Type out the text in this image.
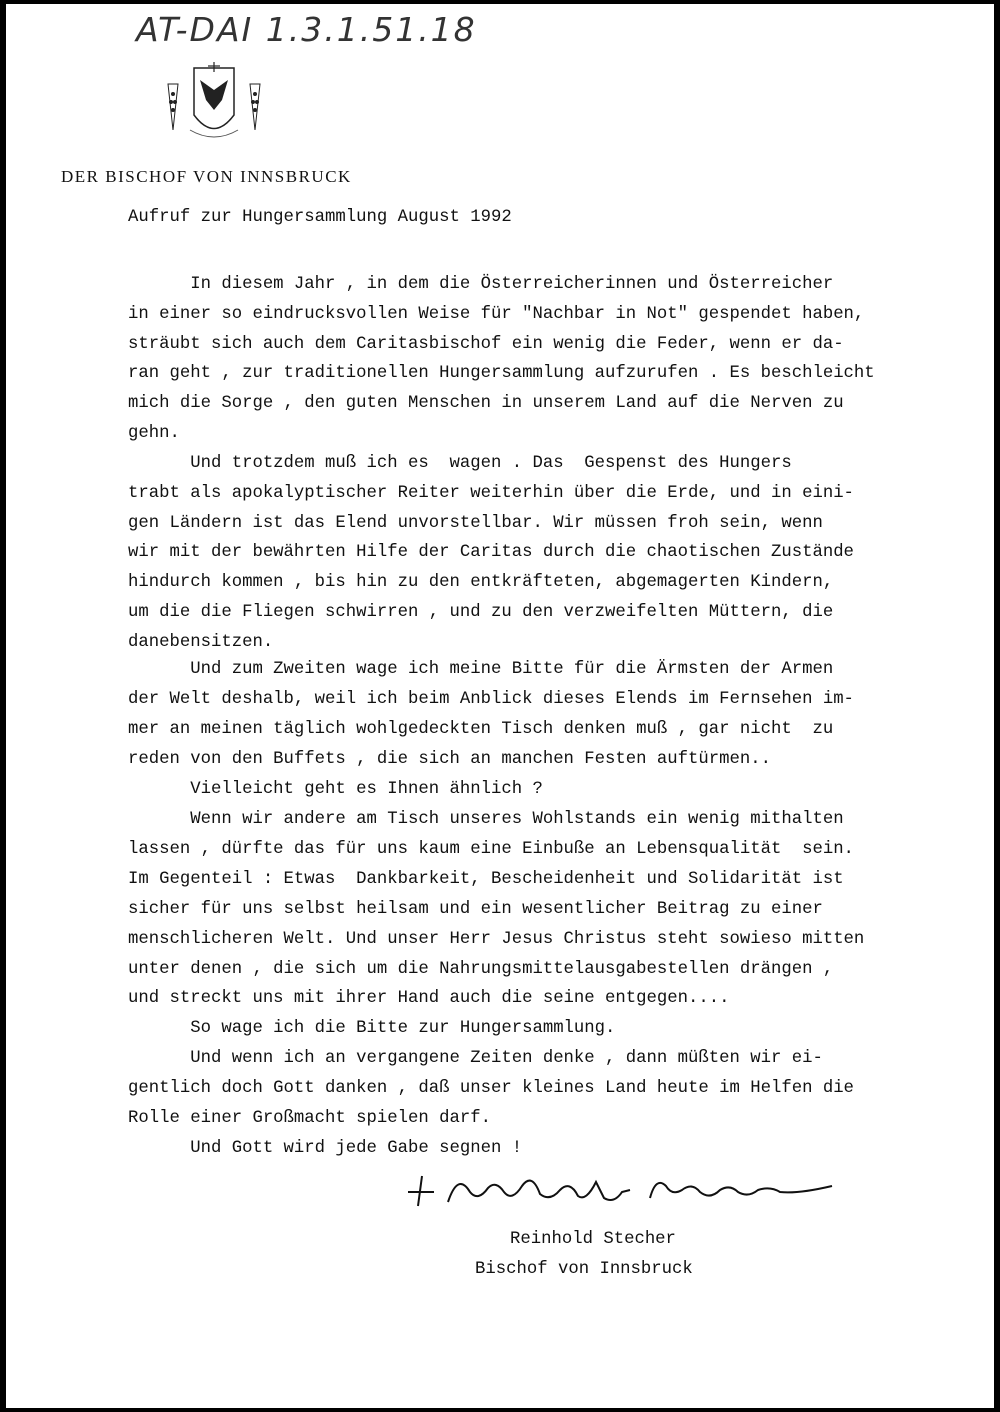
AT-DAI 1.3.1.51.18
DER BISCHOF VON INNSBRUCK
Aufruf zur Hungersammlung August 1992
In diesem Jahr , in dem die Österreicherinnen und Österreicher
in einer so eindrucksvollen Weise für "Nachbar in Not" gespendet haben,
sträubt sich auch dem Caritasbischof ein wenig die Feder, wenn er da-
ran geht , zur traditionellen Hungersammlung aufzurufen . Es beschleicht
mich die Sorge , den guten Menschen in unserem Land auf die Nerven zu
gehn.
Und trotzdem muß ich es  wagen . Das  Gespenst des Hungers
trabt als apokalyptischer Reiter weiterhin über die Erde, und in eini-
gen Ländern ist das Elend unvorstellbar. Wir müssen froh sein, wenn
wir mit der bewährten Hilfe der Caritas durch die chaotischen Zustände
hindurch kommen , bis hin zu den entkräfteten, abgemagerten Kindern,
um die die Fliegen schwirren , und zu den verzweifelten Müttern, die
danebensitzen.
Und zum Zweiten wage ich meine Bitte für die Ärmsten der Armen
der Welt deshalb, weil ich beim Anblick dieses Elends im Fernsehen im-
mer an meinen täglich wohlgedeckten Tisch denken muß , gar nicht  zu
reden von den Buffets , die sich an manchen Festen auftürmen..
Vielleicht geht es Ihnen ähnlich ?
Wenn wir andere am Tisch unseres Wohlstands ein wenig mithalten
lassen , dürfte das für uns kaum eine Einbuße an Lebensqualität  sein.
Im Gegenteil : Etwas  Dankbarkeit, Bescheidenheit und Solidarität ist
sicher für uns selbst heilsam und ein wesentlicher Beitrag zu einer
menschlicheren Welt. Und unser Herr Jesus Christus steht sowieso mitten
unter denen , die sich um die Nahrungsmittelausgabestellen drängen ,
und streckt uns mit ihrer Hand auch die seine entgegen....
So wage ich die Bitte zur Hungersammlung.
Und wenn ich an vergangene Zeiten denke , dann müßten wir ei-
gentlich doch Gott danken , daß unser kleines Land heute im Helfen die
Rolle einer Großmacht spielen darf.
Und Gott wird jede Gabe segnen !
Reinhold Stecher
Bischof von Innsbruck
